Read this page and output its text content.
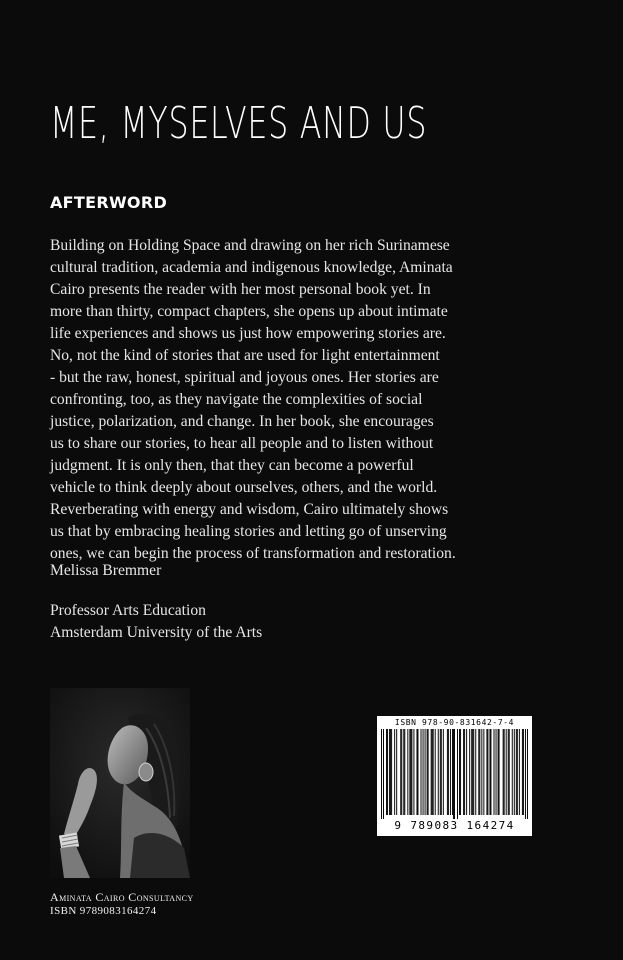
ME, MYSELVES AND US
AFTERWORD
Building on Holding Space and drawing on her rich Surinamese
cultural tradition, academia and indigenous knowledge, Aminata
Cairo presents the reader with her most personal book yet. In
more than thirty, compact chapters, she opens up about intimate
life experiences and shows us just how empowering stories are.
No, not the kind of stories that are used for light entertainment
- but the raw, honest, spiritual and joyous ones. Her stories are
confronting, too, as they navigate the complexities of social
justice, polarization, and change. In her book, she encourages
us to share our stories, to hear all people and to listen without
judgment. It is only then, that they can become a powerful
vehicle to think deeply about ourselves, others, and the world.
Reverberating with energy and wisdom, Cairo ultimately shows
us that by embracing healing stories and letting go of unserving
ones, we can begin the process of transformation and restoration.
Melissa Bremmer
Professor Arts Education
Amsterdam University of the Arts
Aminata Cairo Consultancy
ISBN 9789083164274
ISBN 978-90-831642-7-4
9 789083 164274
